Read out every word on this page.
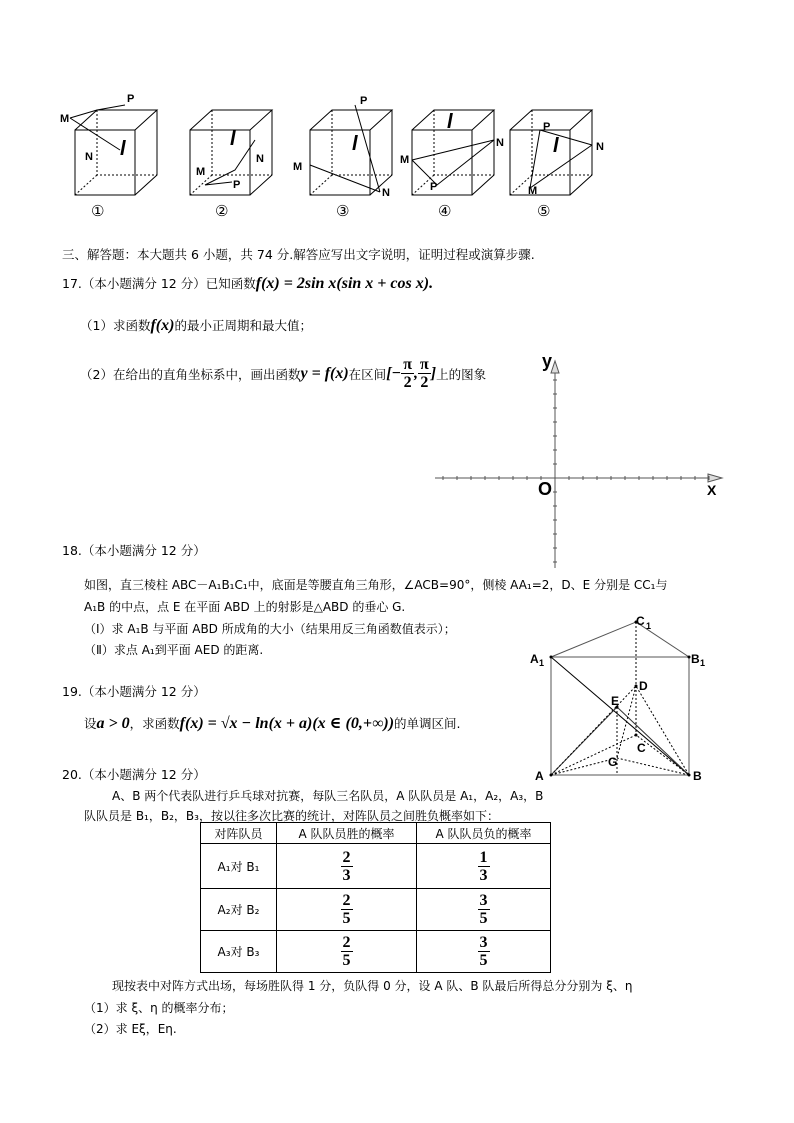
M
P
N
M
N
P
P
M
N
M
N
P
P
N
M
l	l	l
l
l
①	②	③	④	⑤
三、解答题：本大题共 6 小题，共 74 分.解答应写出文字说明，证明过程或演算步骤.
17.（本小题满分 12 分）已知函数f(x) = 2sin x(sin x + cos x).
（1）求函数f(x)的最小正周期和最大值；
（2）在给出的直角坐标系中，画出函数 y = f(x) 在区间 [− $\frac{\pi}{2}$ , $\frac{\pi}{2}$ ] 上的图象
y
O	X
18.（本小题满分 12 分）
如图，直三棱柱 ABC－A₁B₁C₁中，底面是等腰直角三角形，∠ACB=90°，侧棱 AA₁=2，D、E 分别是 CC₁与
A₁B 的中点，点 E 在平面 ABD 上的射影是△ABD 的垂心 G.
（Ⅰ）求 A₁B 与平面 ABD 所成角的大小（结果用反三角函数值表示）；
（Ⅱ）求点 A₁到平面 AED 的距离.
C 1
A 1	B 1
D
E
C
G
A	B
19.（本小题满分 12 分）
设a > 0，求函数f(x) = √x − ln(x + a)(x ∈ (0,+∞))的单调区间.
20.（本小题满分 12 分）
A、B 两个代表队进行乒乓球对抗赛，每队三名队员，A 队队员是 A₁，A₂，A₃，B
队队员是 B₁，B₂，B₃，按以往多次比赛的统计，对阵队员之间胜负概率如下：
对阵队员	A 队队员胜的概率	A 队队员负的概率
A₁对 B₁	$\frac{2}{3}$	$\frac{1}{3}$

A₂对 B₂	$\frac{2}{5}$	$\frac{3}{5}$

A₃对 B₃	$\frac{2}{5}$	$\frac{3}{5}$
现按表中对阵方式出场，每场胜队得 1 分，负队得 0 分，设 A 队、B 队最后所得总分分别为 ξ、η
（1）求 ξ、η 的概率分布；
（2）求 Eξ，Eη.
